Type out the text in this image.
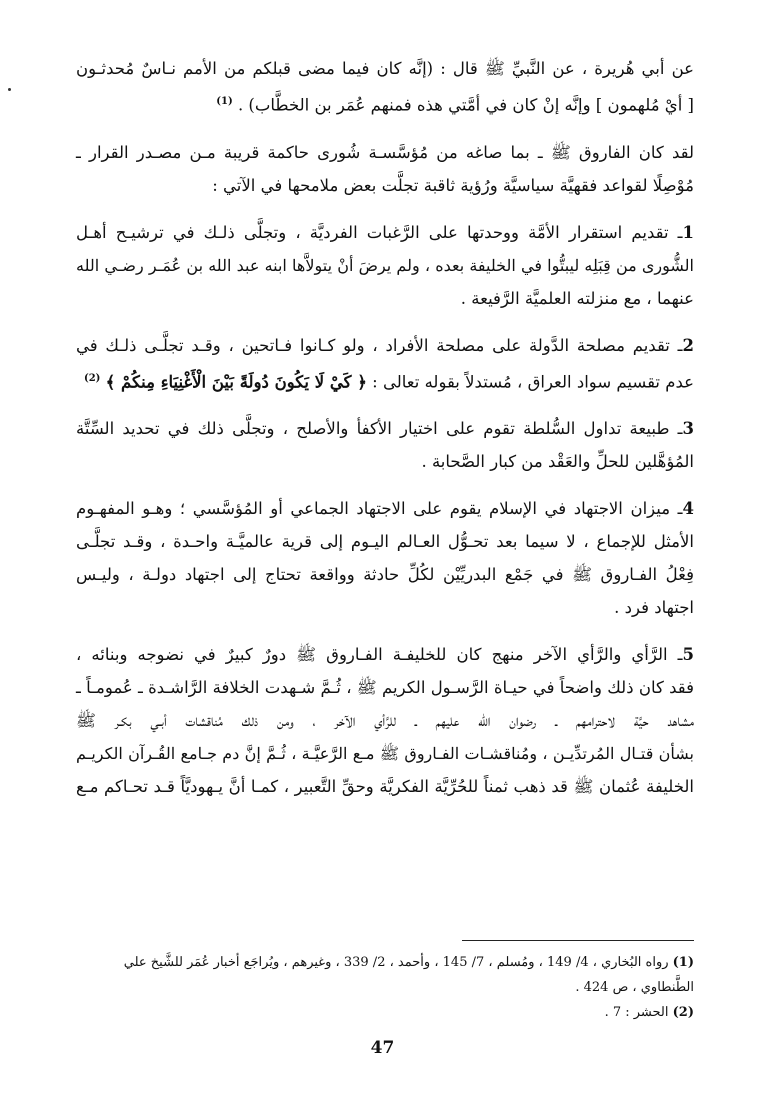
عن أبي هُريرة ، عن النَّبيِّ ﷺ قال : (إنَّه كان فيما مضى قبلكم من الأمم نـاسٌ مُحدثـون
[ أيْ مُلهمون ] وإنَّه إنْ كان في أمَّتي هذه فمنهم عُمَر بن الخطَّاب) . $^{(1)}$

لقد كان الفاروق ﷺ ـ بما صاغه من مُؤسَّسـة شُورى حاكمة قريبة مـن مصـدر القرار ـ
مُوْصِلًا لقواعد فقهيَّة سياسيَّة ورُؤية ثاقبة تجلَّت بعض ملامحها في الآتي :

1ـ تقديم استقرار الأمَّة ووحدتها على الرَّغبات الفرديَّة ، وتجلَّى ذلـك في ترشيـح أهـل
الشُّورى من قِبَلِه ليبتُّوا في الخليفة بعده ، ولم يرضَ أنْ يتولاَّها ابنه عبد الله بن عُمَـر رضـي الله
عنهما ، مع منزلته العلميَّة الرَّفيعة .

2ـ تقديم مصلحة الدَّولة على مصلحة الأفراد ، ولو كـانوا فـاتحين ، وقـد تجلَّـى ذلـك في
عدم تقسيم سواد العراق ، مُستدلاً بقوله تعالى : ﴿ كَيْ لَا يَكُونَ دُولَةً بَيْنَ الْأَغْنِيَاءِ مِنكُمْ ﴾ $^{(2)}$

3ـ طبيعة تداول السُّلطة تقوم على اختيار الأكفأ والأصلح ، وتجلَّى ذلك في تحديد السِّتَّة
المُؤهَّلين للحلِّ والعَقْد من كبار الصَّحابة .

4ـ ميزان الاجتهاد في الإسلام يقوم على الاجتهاد الجماعي أو المُؤسَّسي ؛ وهـو المفهـوم
الأمثل للإجماع ، لا سيما بعد تحـوُّل العـالم اليـوم إلى قرية عالميَّـة واحـدة ، وقـد تجلَّـى
فِعْلُ الفـاروق ﷺ في جَمْع البدريِّيْن لكُلِّ حادثة وواقعة تحتاج إلى اجتهاد دولـة ، وليـس
اجتهاد فرد .

5ـ الرَّأي والرَّأي الآخر منهج كان للخليفـة الفـاروق ﷺ دورٌ كبيرٌ في نضوجه وبنائه ،
فقد كان ذلك واضحاً في حيـاة الرَّسـول الكريم ﷺ ، ثُـمَّ شـهدت الخلافة الرَّاشـدة ـ عُمومـاً ـ
مشاهد حيَّة لاحترامهم ـ رضوان الله عليهم ـ للرَّأي الآخر ، ومن ذلك مُناقشات أبـي بكـر ﷺ
بشأن قتـال المُرتدِّيـن ، ومُناقشـات الفـاروق ﷺ مـع الرَّعيَّـة ، ثُـمَّ إنَّ دم جـامع القُـرآن الكريـم
الخليفة عُثمان ﷺ قد ذهب ثمناً للحُرِّيَّة الفكريَّة وحقِّ التَّعبير ، كمـا أنَّ يـهوديَّاً قـد تحـاكم مـع

(1) رواه البُخاري ، 4/ 149 ، ومُسلم ، 7/ 145 ، وأحمد ، 2/ 339 ، وغيرهم ، ويُراجَع أخبار عُمَر للشَّيخ علي
الطَّنطاوي ، ص 424 .
(2) الحشر : 7 .
47
